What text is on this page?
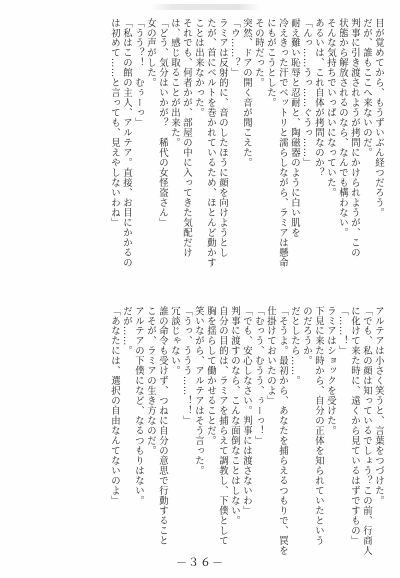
目が覚めてから、もうずいぶん経つだろう。
だが、誰もここへ来ないのだ。
判事に引き渡されようが拷問にかけられようが、この
状態から解放されるのなら、なんでも構わない。
そんな気持ちでいっぱいになっていた。
あるいは、これ自体が拷問なのか？
「んっ……うっ……ぐうっ……」
耐え難い恥辱と忍耐と、陶磁器のように白い肌を
冷えきった汗でベットリと濡らしながら、ラミアは懸命
にもがこうとした。
その時だった。
突然、ドアの開く音が聞こえた。
「ウ……？」
ラミアは反射的に、音のしたほうに顔を向けようとし
たが、首にベルトを巻かれているため、ほとんど動かす
ことは出来なかった。
それでも、何者かが、部屋の中に入ってきた気配だけ
は、感じ取ることが出来た。
「どう、気分はいかが？　稀代の女怪盗さん」
女の声がした。
「うう？！　むぅーっ」
「私はこの館の主人、アルテア。直接、お目にかかるの
は初めて……と言っても、見えやしないわね」
アルテアは小さく笑うと、言葉をつづけた。
「でも、私の顔は知っているでしょう？この前、行商人
に化けて来た時に、遠くから見ているはずですもの」
「……！」
ラミアはショックを受けた。
下見に来た時から、自分の正体を知られていたという
のだろうか。
だとしたら……。
「そうよ。最初から、あなたを捕らえるつもりで、罠を
仕掛けておいたのよ」
「むっう、むうう、ぅーっ！」
「でも、安心しなさい。判事には渡さないわ」
判事に渡すのなら、こんな面倒なことはしない。
自分の目的は、ラミアを捕らえて調教し、下僕として
胸を揺らして働かせることだ。
笑いながら、アルテアはそう言った。
「うっ、ううう……！！」
冗談じゃない。
誰の命令も受けず、つねに自分の意思で行動すること
こそが、ラミアの生き方なのだ。
アルテアの下僕になど、なるつもりはない。
だが……。
「あなたには、選択の自由なんてないのよ」
－３６－
